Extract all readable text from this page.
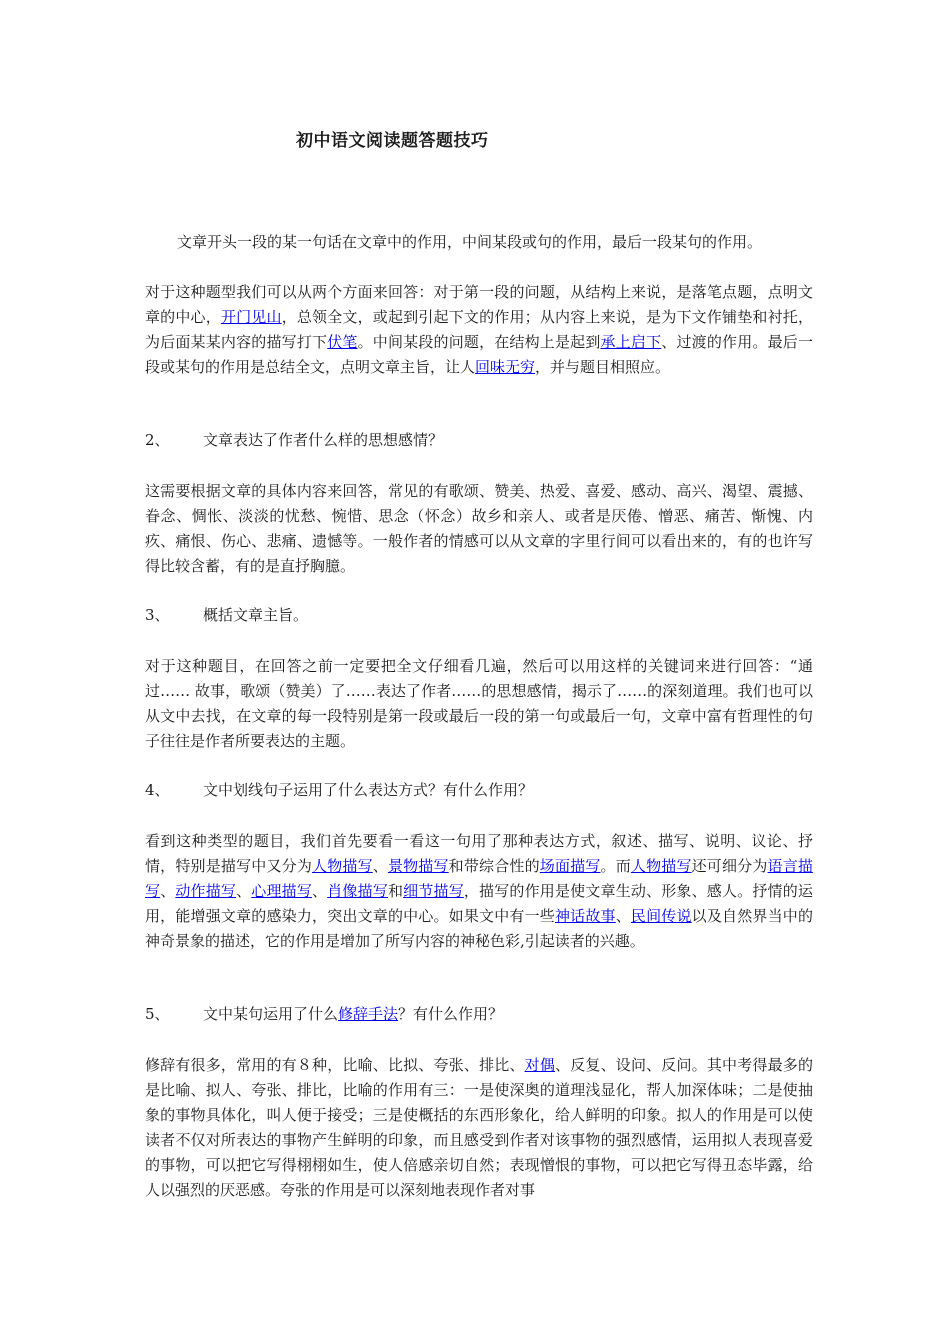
初中语文阅读题答题技巧
文章开头一段的某一句话在文章中的作用，中间某段或句的作用，最后一段某句的作用。
对于这种题型我们可以从两个方面来回答：对于第一段的问题，从结构上来说，是落笔点题，点明文章的中心，开门见山，总领全文，或起到引起下文的作用；从内容上来说，是为下文作铺垫和衬托，为后面某某内容的描写打下伏笔。中间某段的问题，在结构上是起到承上启下、过渡的作用。最后一段或某句的作用是总结全文，点明文章主旨，让人回味无穷，并与题目相照应。
2、 文章表达了作者什么样的思想感情？
这需要根据文章的具体内容来回答，常见的有歌颂、赞美、热爱、喜爱、感动、高兴、渴望、震撼、眷念、惆怅、淡淡的忧愁、惋惜、思念（怀念）故乡和亲人、或者是厌倦、憎恶、痛苦、惭愧、内疚、痛恨、伤心、悲痛、遗憾等。一般作者的情感可以从文章的字里行间可以看出来的，有的也许写得比较含蓄，有的是直抒胸臆。
3、 概括文章主旨。
对于这种题目，在回答之前一定要把全文仔细看几遍，然后可以用这样的关键词来进行回答：“通过…… 故事，歌颂（赞美）了……表达了作者……的思想感情，揭示了……的深刻道理。我们也可以从文中去找，在文章的每一段特别是第一段或最后一段的第一句或最后一句，文章中富有哲理性的句子往往是作者所要表达的主题。
4、 文中划线句子运用了什么表达方式？有什么作用？
看到这种类型的题目，我们首先要看一看这一句用了那种表达方式，叙述、描写、说明、议论、抒情，特别是描写中又分为人物描写、景物描写和带综合性的场面描写。而人物描写还可细分为语言描写、动作描写、心理描写、肖像描写和细节描写，描写的作用是使文章生动、形象、感人。抒情的运用，能增强文章的感染力，突出文章的中心。如果文中有一些神话故事、民间传说以及自然界当中的神奇景象的描述，它的作用是增加了所写内容的神秘色彩,引起读者的兴趣。
5、 文中某句运用了什么修辞手法？有什么作用？
修辞有很多，常用的有８种，比喻、比拟、夸张、排比、对偶、反复、设问、反问。其中考得最多的是比喻、拟人、夸张、排比，比喻的作用有三：一是使深奥的道理浅显化，帮人加深体味；二是使抽象的事物具体化，叫人便于接受；三是使概括的东西形象化，给人鲜明的印象。拟人的作用是可以使读者不仅对所表达的事物产生鲜明的印象，而且感受到作者对该事物的强烈感情，运用拟人表现喜爱的事物，可以把它写得栩栩如生，使人倍感亲切自然；表现憎恨的事物，可以把它写得丑态毕露，给人以强烈的厌恶感。夸张的作用是可以深刻地表现作者对事
